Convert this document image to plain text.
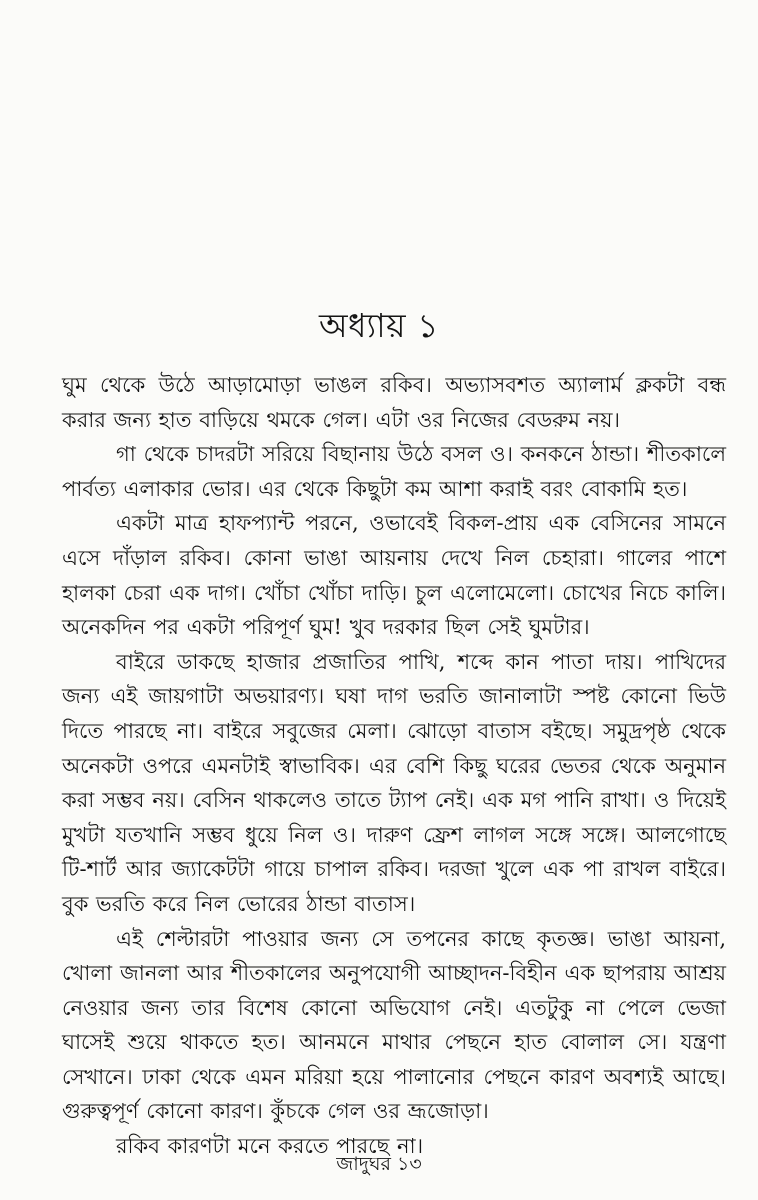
অধ্যায় ১

ঘুম থেকে উঠে আড়ামোড়া ভাঙল রকিব। অভ্যাসবশত অ্যালার্ম ক্লকটা বন্ধ করার জন্য হাত বাড়িয়ে থমকে গেল। এটা ওর নিজের বেডরুম নয়।

গা থেকে চাদরটা সরিয়ে বিছানায় উঠে বসল ও। কনকনে ঠান্ডা। শীতকালে পার্বত্য এলাকার ভোর। এর থেকে কিছুটা কম আশা করাই বরং বোকামি হত।

একটা মাত্র হাফপ্যান্ট পরনে, ওভাবেই বিকল-প্রায় এক বেসিনের সামনে এসে দাঁড়াল রকিব। কোনা ভাঙা আয়নায় দেখে নিল চেহারা। গালের পাশে হালকা চেরা এক দাগ। খোঁচা খোঁচা দাড়ি। চুল এলোমেলো। চোখের নিচে কালি। অনেকদিন পর একটা পরিপূর্ণ ঘুম! খুব দরকার ছিল সেই ঘুমটার।

বাইরে ডাকছে হাজার প্রজাতির পাখি, শব্দে কান পাতা দায়। পাখিদের জন্য এই জায়গাটা অভয়ারণ্য। ঘষা দাগ ভরতি জানালাটা স্পষ্ট কোনো ভিউ দিতে পারছে না। বাইরে সবুজের মেলা। ঝোড়ো বাতাস বইছে। সমুদ্রপৃষ্ঠ থেকে অনেকটা ওপরে এমনটাই স্বাভাবিক। এর বেশি কিছু ঘরের ভেতর থেকে অনুমান করা সম্ভব নয়। বেসিন থাকলেও তাতে ট্যাপ নেই। এক মগ পানি রাখা। ও দিয়েই মুখটা যতখানি সম্ভব ধুয়ে নিল ও। দারুণ ফ্রেশ লাগল সঙ্গে সঙ্গে। আলগোছে টি-শার্ট আর জ্যাকেটটা গায়ে চাপাল রকিব। দরজা খুলে এক পা রাখল বাইরে। বুক ভরতি করে নিল ভোরের ঠান্ডা বাতাস।

এই শেল্টারটা পাওয়ার জন্য সে তপনের কাছে কৃতজ্ঞ। ভাঙা আয়না, খোলা জানলা আর শীতকালের অনুপযোগী আচ্ছাদন-বিহীন এক ছাপরায় আশ্রয় নেওয়ার জন্য তার বিশেষ কোনো অভিযোগ নেই। এতটুকু না পেলে ভেজা ঘাসেই শুয়ে থাকতে হত। আনমনে মাথার পেছনে হাত বোলাল সে। যন্ত্রণা সেখানে। ঢাকা থেকে এমন মরিয়া হয়ে পালানোর পেছনে কারণ অবশ্যই আছে। গুরুত্বপূর্ণ কোনো কারণ। কুঁচকে গেল ওর ভ্রূজোড়া।

রকিব কারণটা মনে করতে পারছে না।

জাদুঘর ১৩
